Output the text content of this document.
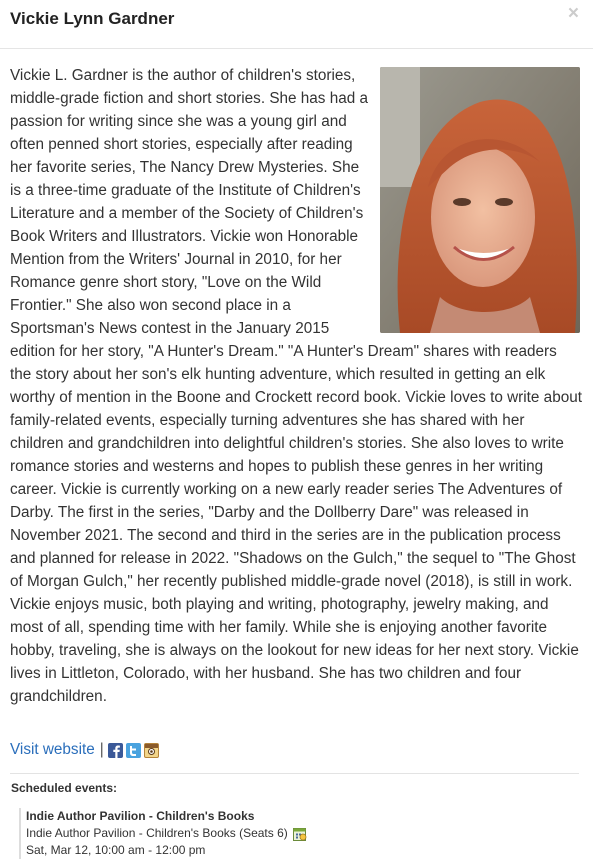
Vickie Lynn Gardner	×

Vickie L. Gardner is the author of children's stories, middle-grade fiction and short stories. She has had a passion for writing since she was a young girl and often penned short stories, especially after reading her favorite series, The Nancy Drew Mysteries. She is a three-time graduate of the Institute of Children's Literature and a member of the Society of Children's Book Writers and Illustrators. Vickie won Honorable Mention from the Writers' Journal in 2010, for her Romance genre short story, "Love on the Wild Frontier." She also won second place in a Sportsman's News contest in the January 2015 edition for her story, "A Hunter's Dream." "A Hunter's Dream" shares with readers the story about her son's elk hunting adventure, which resulted in getting an elk worthy of mention in the Boone and Crockett record book. Vickie loves to write about family-related events, especially turning adventures she has shared with her children and grandchildren into delightful children's stories. She also loves to write romance stories and westerns and hopes to publish these genres in her writing career. Vickie is currently working on a new early reader series The Adventures of Darby. The first in the series, "Darby and the Dollberry Dare" was released in November 2021. The second and third in the series are in the publication process and planned for release in 2022. "Shadows on the Gulch," the sequel to "The Ghost of Morgan Gulch," her recently published middle-grade novel (2018), is still in work. Vickie enjoys music, both playing and writing, photography, jewelry making, and most of all, spending time with her family. While she is enjoying another favorite hobby, traveling, she is always on the lookout for new ideas for her next story. Vickie lives in Littleton, Colorado, with her husband. She has two children and four grandchildren.

Visit website |
Scheduled events:
Indie Author Pavilion - Children's Books
Indie Author Pavilion - Children's Books (Seats 6)
Sat, Mar 12, 10:00 am - 12:00 pm
